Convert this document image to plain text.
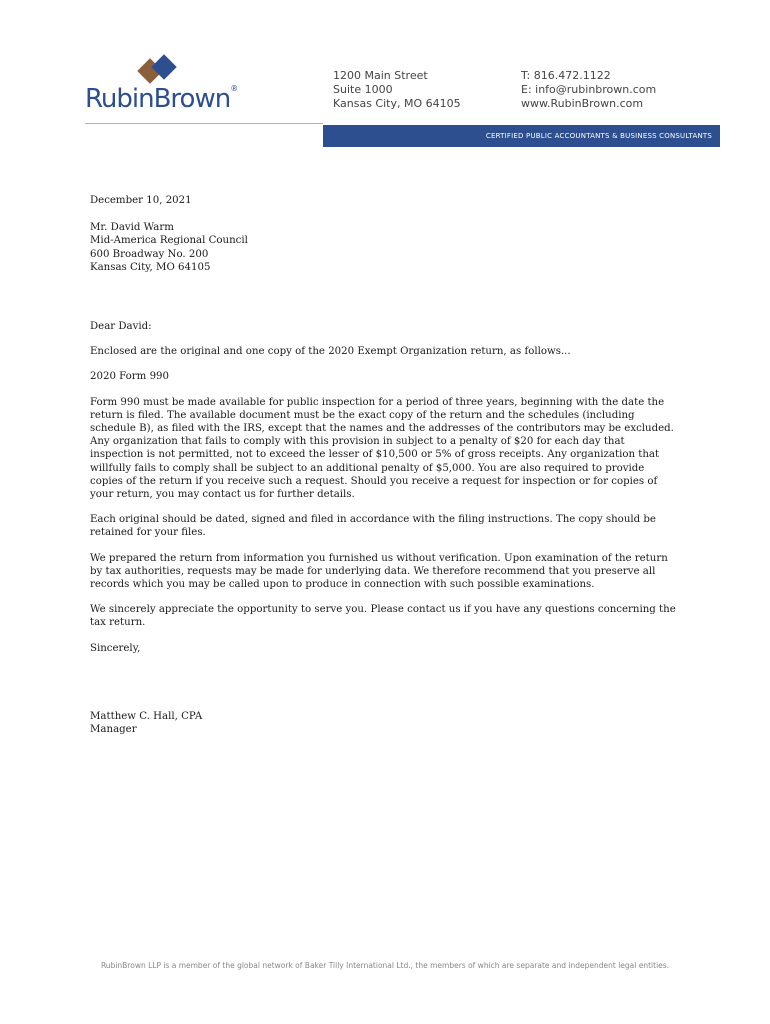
RubinBrown®
1200 Main Street
Suite 1000
Kansas City, MO 64105
T: 816.472.1122
E: info@rubinbrown.com
www.RubinBrown.com
CERTIFIED PUBLIC ACCOUNTANTS & BUSINESS CONSULTANTS

December 10, 2021

Mr. David Warm

Mid-America Regional Council

600 Broadway No. 200

Kansas City, MO 64105

Dear David:

Enclosed are the original and one copy of the 2020 Exempt Organization return, as follows...

2020 Form 990

Form 990 must be made available for public inspection for a period of three years, beginning with the date the return is filed. The available document must be the exact copy of the return and the schedules (including schedule B), as filed with the IRS, except that the names and the addresses of the contributors may be excluded. Any organization that fails to comply with this provision in subject to a penalty of $20 for each day that inspection is not permitted, not to exceed the lesser of $10,500 or 5% of gross receipts. Any organization that willfully fails to comply shall be subject to an additional penalty of $5,000. You are also required to provide copies of the return if you receive such a request. Should you receive a request for inspection or for copies of your return, you may contact us for further details.

Each original should be dated, signed and filed in accordance with the filing instructions. The copy should be retained for your files.

We prepared the return from information you furnished us without verification. Upon examination of the return by tax authorities, requests may be made for underlying data. We therefore recommend that you preserve all records which you may be called upon to produce in connection with such possible examinations.

We sincerely appreciate the opportunity to serve you. Please contact us if you have any questions concerning the tax return.

Sincerely,

Matthew C. Hall, CPA

Manager

RubinBrown LLP is a member of the global network of Baker Tilly International Ltd., the members of which are separate and independent legal entities.
